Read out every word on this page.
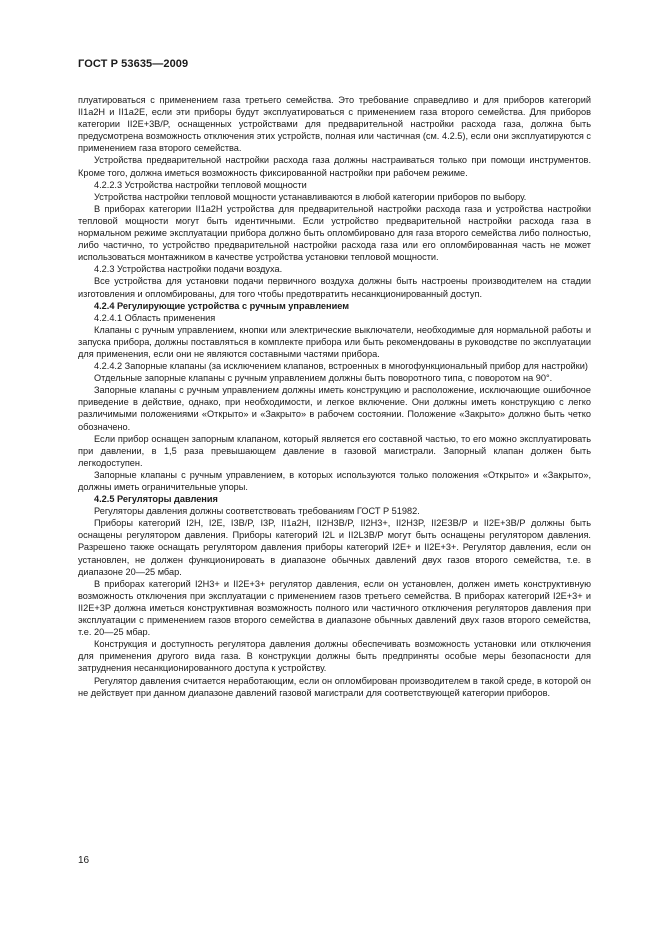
ГОСТ Р 53635—2009

плуатироваться с применением газа третьего семейства. Это требование справедливо и для приборов категорий II1a2H и II1a2E, если эти приборы будут эксплуатироваться с применением газа второго семейства. Для приборов категории II2E+3B/P, оснащенных устройствами для предварительной настройки расхода газа, должна быть предусмотрена возможность отключения этих устройств, полная или частичная (см. 4.2.5), если они эксплуатируются с применением газа второго семейства.

Устройства предварительной настройки расхода газа должны настраиваться только при помощи инструментов. Кроме того, должна иметься возможность фиксированной настройки при рабочем режиме.

4.2.2.3 Устройства настройки тепловой мощности

Устройства настройки тепловой мощности устанавливаются в любой категории приборов по выбору.

В приборах категории II1a2H устройства для предварительной настройки расхода газа и устройства настройки тепловой мощности могут быть идентичными. Если устройство предварительной настройки расхода газа в нормальном режиме эксплуатации прибора должно быть опломбировано для газа второго семейства либо полностью, либо частично, то устройство предварительной настройки расхода газа или его опломбированная часть не может использоваться монтажником в качестве устройства установки тепловой мощности.

4.2.3 Устройства настройки подачи воздуха.

Все устройства для установки подачи первичного воздуха должны быть настроены производителем на стадии изготовления и опломбированы, для того чтобы предотвратить несанкционированный доступ.

4.2.4 Регулирующие устройства с ручным управлением

4.2.4.1 Область применения

Клапаны с ручным управлением, кнопки или электрические выключатели, необходимые для нормальной работы и запуска прибора, должны поставляться в комплекте прибора или быть рекомендованы в руководстве по эксплуатации для применения, если они не являются составными частями прибора.

4.2.4.2 Запорные клапаны (за исключением клапанов, встроенных в многофункциональный прибор для настройки)

Отдельные запорные клапаны с ручным управлением должны быть поворотного типа, с поворотом на 90°.

Запорные клапаны с ручным управлением должны иметь конструкцию и расположение, исключающие ошибочное приведение в действие, однако, при необходимости, и легкое включение. Они должны иметь конструкцию с легко различимыми положениями «Открыто» и «Закрыто» в рабочем состоянии. Положение «Закрыто» должно быть четко обозначено.

Если прибор оснащен запорным клапаном, который является его составной частью, то его можно эксплуатировать при давлении, в 1,5 раза превышающем давление в газовой магистрали. Запорный клапан должен быть легкодоступен.

Запорные клапаны с ручным управлением, в которых используются только положения «Открыто» и «Закрыто», должны иметь ограничительные упоры.

4.2.5 Регуляторы давления

Регуляторы давления должны соответствовать требованиям ГОСТ Р 51982.

Приборы категорий I2H, I2E, I3B/P, I3P, II1a2H, II2H3B/P, II2H3+, II2H3P, II2E3B/P и II2E+3B/P должны быть оснащены регулятором давления. Приборы категорий I2L и II2L3B/P могут быть оснащены регулятором давления. Разрешено также оснащать регулятором давления приборы категорий I2E+ и II2E+3+. Регулятор давления, если он установлен, не должен функционировать в диапазоне обычных давлений двух газов второго семейства, т.е. в диапазоне 20—25 мбар.

В приборах категорий I2H3+ и II2E+3+ регулятор давления, если он установлен, должен иметь конструктивную возможность отключения при эксплуатации с применением газов третьего семейства. В приборах категорий I2E+3+ и II2E+3P должна иметься конструктивная возможность полного или частичного отключения регуляторов давления при эксплуатации с применением газов второго семейства в диапазоне обычных давлений двух газов второго семейства, т.е. 20—25 мбар.

Конструкция и доступность регулятора давления должны обеспечивать возможность установки или отключения для применения другого вида газа. В конструкции должны быть предприняты особые меры безопасности для затруднения несанкционированного доступа к устройству.

Регулятор давления считается неработающим, если он опломбирован производителем в такой среде, в которой он не действует при данном диапазоне давлений газовой магистрали для соответствующей категории приборов.

16
